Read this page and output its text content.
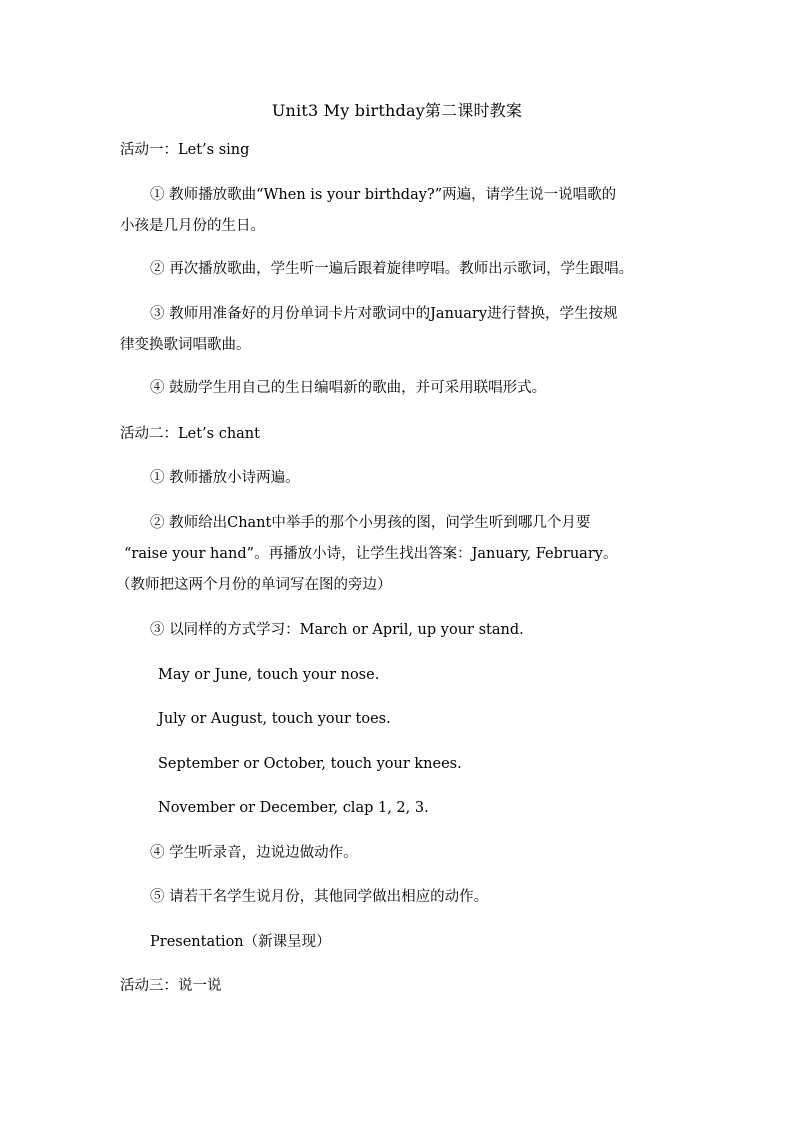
Unit3 My birthday第二课时教案
活动一：Let’s sing
① 教师播放歌曲“When is your birthday?”两遍，请学生说一说唱歌的
小孩是几月份的生日。
② 再次播放歌曲，学生听一遍后跟着旋律哼唱。教师出示歌词，学生跟唱。
③ 教师用准备好的月份单词卡片对歌词中的January进行替换，学生按规
律变换歌词唱歌曲。
④ 鼓励学生用自己的生日编唱新的歌曲，并可采用联唱形式。
活动二：Let’s chant
① 教师播放小诗两遍。
② 教师给出Chant中举手的那个小男孩的图，问学生听到哪几个月要
“raise your hand”。再播放小诗，让学生找出答案：January, February。
（教师把这两个月份的单词写在图的旁边）
③ 以同样的方式学习：March or April, up your stand.
May or June, touch your nose.
July or August, touch your toes.
September or October, touch your knees.
November or December, clap 1, 2, 3.
④ 学生听录音，边说边做动作。
⑤ 请若干名学生说月份，其他同学做出相应的动作。
Presentation（新课呈现）
活动三：说一说
